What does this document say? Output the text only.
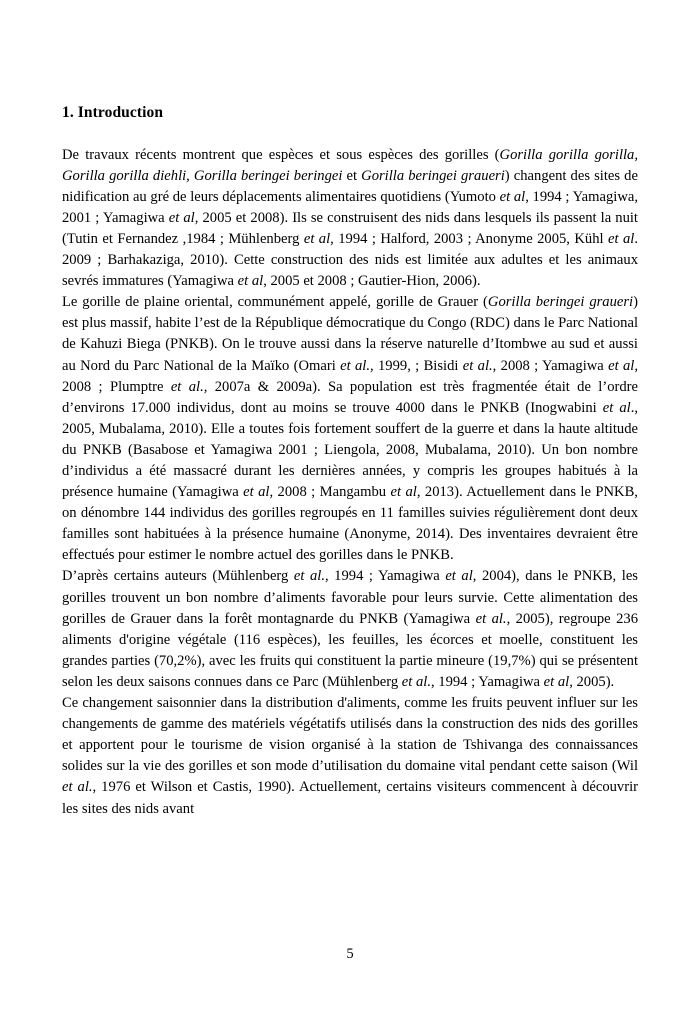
1. Introduction

De travaux récents montrent que espèces et sous espèces des gorilles (Gorilla gorilla gorilla, Gorilla gorilla diehli, Gorilla beringei beringei et Gorilla beringei graueri) changent des sites de nidification au gré de leurs déplacements alimentaires quotidiens (Yumoto et al, 1994 ; Yamagiwa, 2001 ; Yamagiwa et al, 2005 et 2008). Ils se construisent des nids dans lesquels ils passent la nuit (Tutin et Fernandez ,1984 ; Mühlenberg et al, 1994 ; Halford, 2003 ; Anonyme 2005, Kühl et al. 2009 ; Barhakaziga, 2010). Cette construction des nids est limitée aux adultes et les animaux sevrés immatures (Yamagiwa et al, 2005 et 2008 ; Gautier-Hion, 2006).

Le gorille de plaine oriental, communément appelé, gorille de Grauer (Gorilla beringei graueri) est plus massif, habite l’est de la République démocratique du Congo (RDC) dans le Parc National de Kahuzi Biega (PNKB). On le trouve aussi dans la réserve naturelle d’Itombwe au sud et aussi au Nord du Parc National de la Maïko (Omari et al., 1999, ; Bisidi et al., 2008 ; Yamagiwa et al, 2008 ; Plumptre et al., 2007a & 2009a). Sa population est très fragmentée était de l’ordre d’environs 17.000 individus, dont au moins se trouve 4000 dans le PNKB (Inogwabini et al., 2005, Mubalama, 2010). Elle a toutes fois fortement souffert de la guerre et dans la haute altitude du PNKB (Basabose et Yamagiwa 2001 ; Liengola, 2008, Mubalama, 2010). Un bon nombre d’individus a été massacré durant les dernières années, y compris les groupes habitués à la présence humaine (Yamagiwa et al, 2008 ; Mangambu et al, 2013). Actuellement dans le PNKB, on dénombre 144 individus des gorilles regroupés en 11 familles suivies régulièrement dont deux familles sont habituées à la présence humaine (Anonyme, 2014). Des inventaires devraient être effectués pour estimer le nombre actuel des gorilles dans le PNKB.

D’après certains auteurs (Mühlenberg et al., 1994 ; Yamagiwa et al, 2004), dans le PNKB, les gorilles trouvent un bon nombre d’aliments favorable pour leurs survie. Cette alimentation des gorilles de Grauer dans la forêt montagnarde du PNKB (Yamagiwa et al., 2005), regroupe 236 aliments d'origine végétale (116 espèces), les feuilles, les écorces et moelle, constituent les grandes parties (70,2%), avec les fruits qui constituent la partie mineure (19,7%) qui se présentent selon les deux saisons connues dans ce Parc (Mühlenberg et al., 1994 ; Yamagiwa et al, 2005).

Ce changement saisonnier dans la distribution d'aliments, comme les fruits peuvent influer sur les changements de gamme des matériels végétatifs utilisés dans la construction des nids des gorilles et apportent pour le tourisme de vision organisé à la station de Tshivanga des connaissances solides sur la vie des gorilles et son mode d’utilisation du domaine vital pendant cette saison (Wil et al., 1976 et Wilson et Castis, 1990). Actuellement, certains visiteurs commencent à découvrir les sites des nids avant

5
